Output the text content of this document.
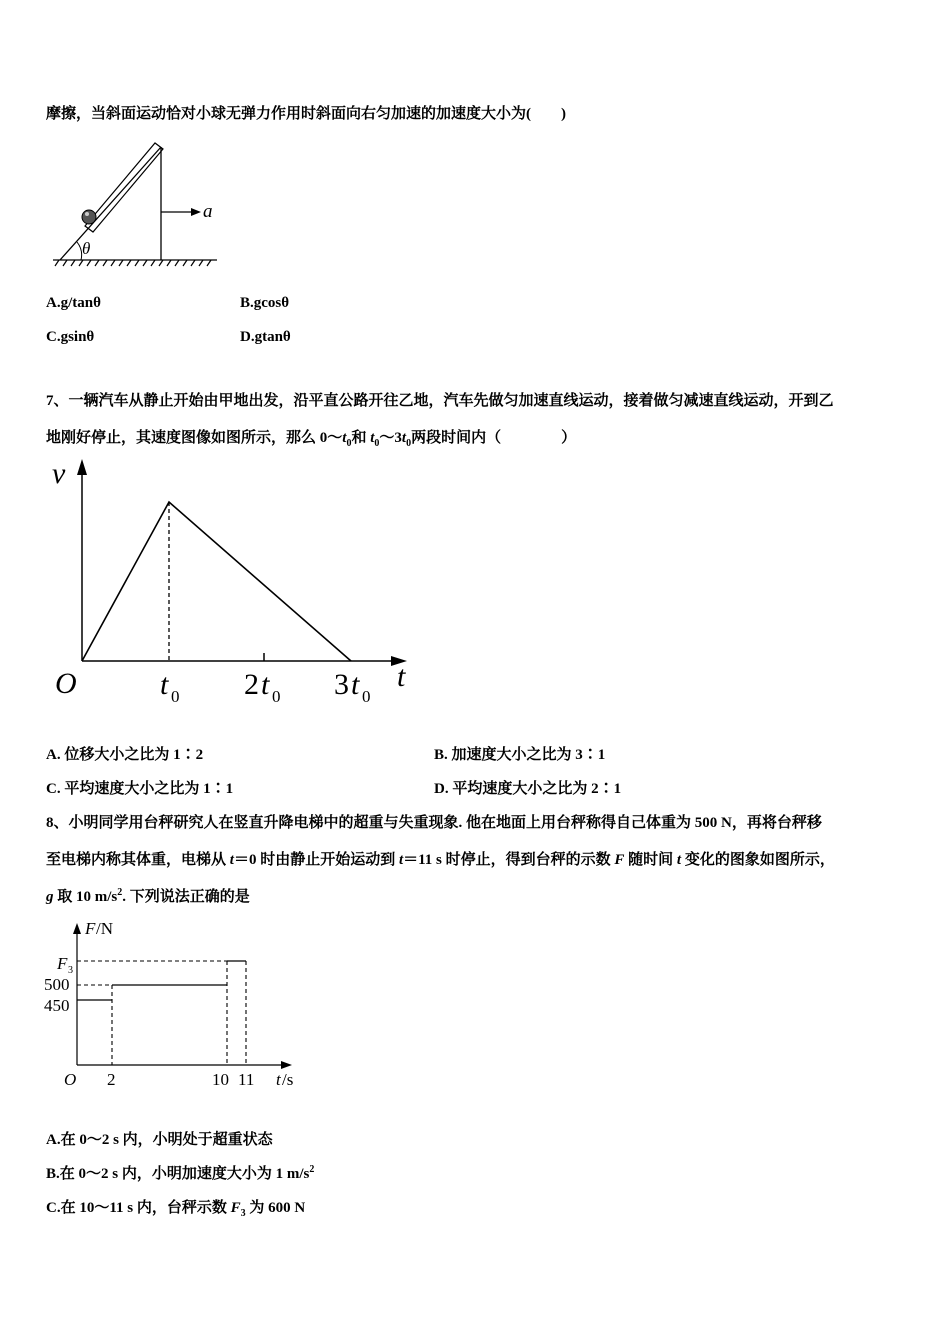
摩擦，当斜面运动恰对小球无弹力作用时斜面向右匀加速的加速度大小为(　　)
θ
a
A.g/tanθ	B.gcosθ
C.gsinθ	D.gtanθ
7、一辆汽车从静止开始由甲地出发，沿平直公路开往乙地，汽车先做匀加速直线运动，接着做匀减速直线运动，开到乙
地刚好停止，其速度图像如图所示，那么 $0\sim t_0$和 $t_0\sim 3t_0$两段时间内（　　　　）
v
t
O	t 0 2 t 0 3 t 0
A. 位移大小之比为 1∶2	B. 加速度大小之比为 3∶1
C. 平均速度大小之比为 1∶1	D. 平均速度大小之比为 2∶1
8、小明同学用台秤研究人在竖直升降电梯中的超重与失重现象. 他在地面上用台秤称得自己体重为 500 N，再将台秤移
至电梯内称其体重，电梯从 t＝0 时由静止开始运动到 t＝11 s 时停止，得到台秤的示数 F 随时间 t 变化的图象如图所示，
g 取 10 $m/s^2$. 下列说法正确的是
F /N
F 3
500
450
O 2	10 11 t /s
A.在 0～2 s 内，小明处于超重状态
B.在 0～2 s 内，小明加速度大小为 1 $m/s^2$
C.在 10～11 s 内，台秤示数 $F_3$ 为 600 N
